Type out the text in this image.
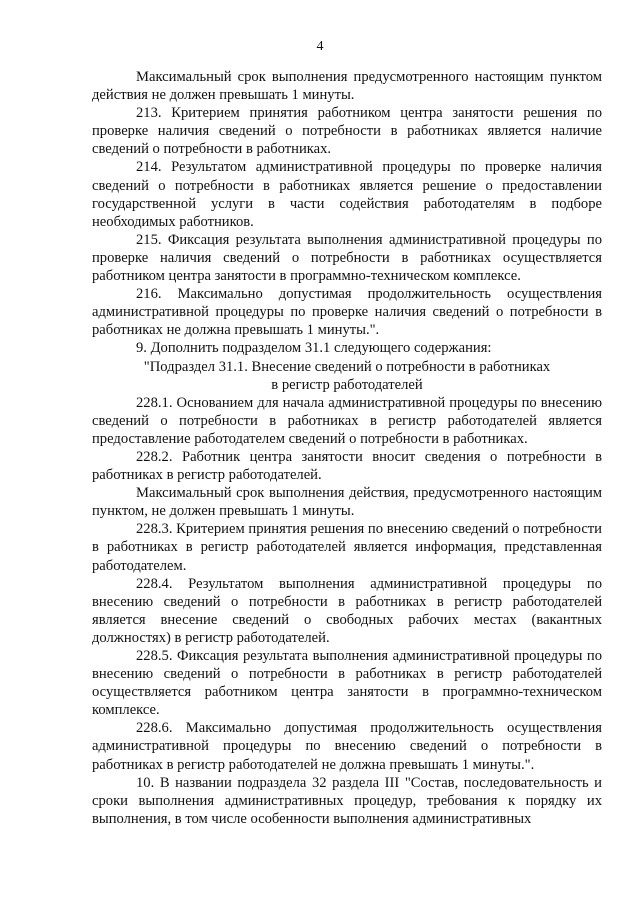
4

Максимальный срок выполнения предусмотренного настоящим пунктом действия не должен превышать 1 минуты.

213. Критерием принятия работником центра занятости решения по проверке наличия сведений о потребности в работниках является наличие сведений о потребности в работниках.

214. Результатом административной процедуры по проверке наличия сведений о потребности в работниках является решение о предоставлении государственной услуги в части содействия работодателям в подборе необходимых работников.

215. Фиксация результата выполнения административной процедуры по проверке наличия сведений о потребности в работниках осуществляется работником центра занятости в программно-техническом комплексе.

216. Максимально допустимая продолжительность осуществления административной процедуры по проверке наличия сведений о потребности в работниках не должна превышать 1 минуты.".

9. Дополнить подразделом 31.1 следующего содержания:

"Подраздел 31.1. Внесение сведений о потребности в работниках
в регистр работодателей

228.1. Основанием для начала административной процедуры по внесению сведений о потребности в работниках в регистр работодателей является предоставление работодателем сведений о потребности в работниках.

228.2. Работник центра занятости вносит сведения о потребности в работниках в регистр работодателей.

Максимальный срок выполнения действия, предусмотренного настоящим пунктом, не должен превышать 1 минуты.

228.3. Критерием принятия решения по внесению сведений о потребности в работниках в регистр работодателей является информация, представленная работодателем.

228.4. Результатом выполнения административной процедуры по внесению сведений о потребности в работниках в регистр работодателей является внесение сведений о свободных рабочих местах (вакантных должностях) в регистр работодателей.

228.5. Фиксация результата выполнения административной процедуры по внесению сведений о потребности в работниках в регистр работодателей осуществляется работником центра занятости в программно-техническом комплексе.

228.6. Максимально допустимая продолжительность осуществления административной процедуры по внесению сведений о потребности в работниках в регистр работодателей не должна превышать 1 минуты.".

10. В названии подраздела 32 раздела III "Состав, последовательность и сроки выполнения административных процедур, требования к порядку их выполнения, в том числе особенности выполнения административных
